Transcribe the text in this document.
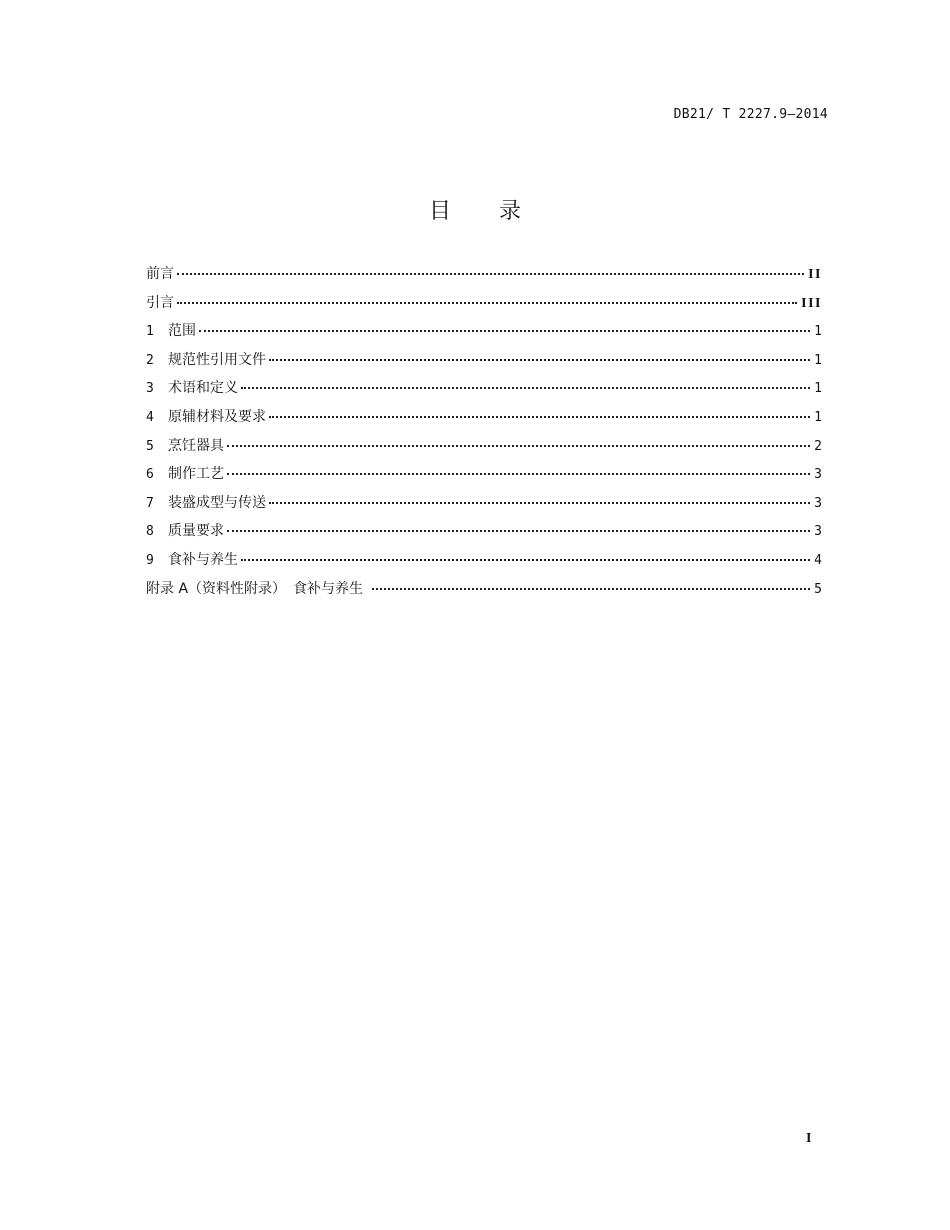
DB21/ T 2227.9—2014
目 录
前言	II
引言	III
1	范围	1
2	规范性引用文件	1
3	术语和定义	1
4	原辅材料及要求	1
5	烹饪器具	2
6	制作工艺	3
7	装盛成型与传送	3
8	质量要求	3
9	食补与养生	4
附录 A（资料性附录）　食补与养生	5
I
